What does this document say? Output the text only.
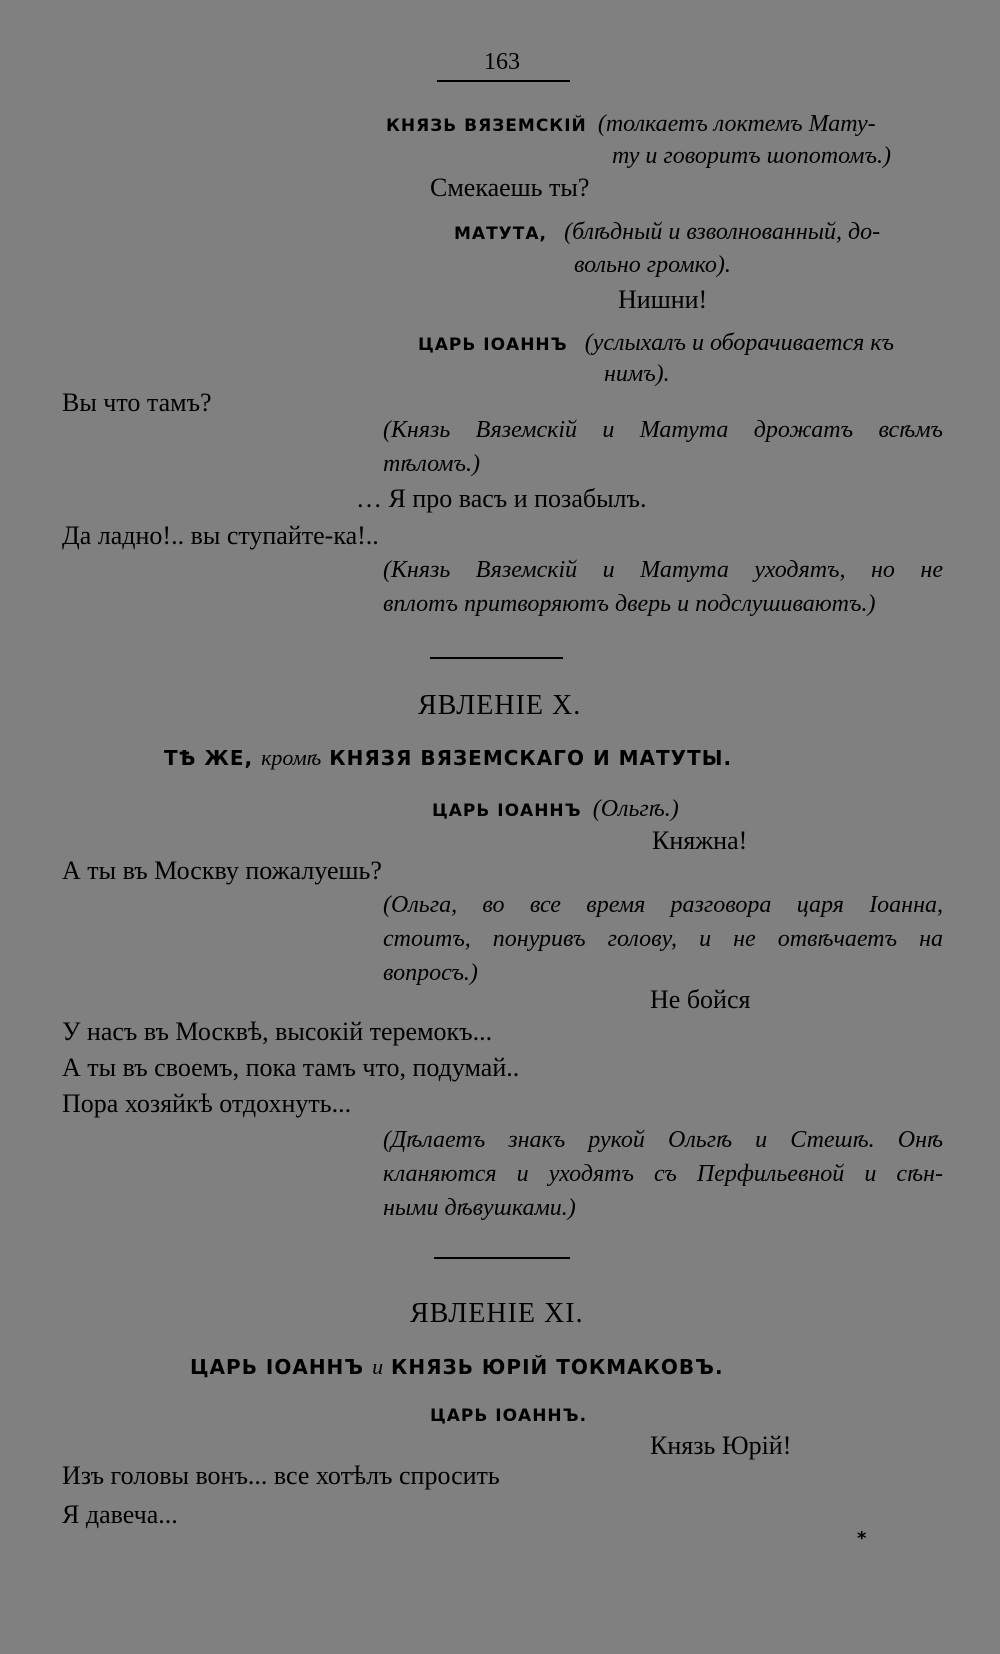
163
КНЯЗЬ ВЯЗЕМСКІЙ (толкаетъ локтемъ Мату-
ту и говоритъ шопотомъ.)
Смекаешь ты?
МАТУТА, (блѣдный и взволнованный, до-
вольно громко).
Нишни!
ЦАРЬ ІОАННЪ (услыхалъ и оборачивается къ
нимъ).
Вы что тамъ?
(Князь Вяземскій и Матута дрожатъ всѣмъ
тѣломъ.)
… Я про васъ и позабылъ.
Да ладно!.. вы ступайте-ка!..
(Князь Вяземскій и Матута уходятъ, но не
вплотъ притворяютъ дверь и подслушиваютъ.)
ЯВЛЕНІЕ X.
ТѢ ЖЕ, кромѣ КНЯЗЯ ВЯЗЕМСКАГО И МАТУТЫ.
ЦАРЬ ІОАННЪ (Ольгѣ.)
Княжна!
А ты въ Москву пожалуешь?
(Ольга, во все время разговора царя Іоанна,
стоитъ, понуривъ голову, и не отвѣчаетъ на
вопросъ.)
Не бойся
У насъ въ Москвѣ, высокій теремокъ...
А ты въ своемъ, пока тамъ что, подумай..
Пора хозяйкѣ отдохнуть...
(Дѣлаетъ знакъ рукой Ольгѣ и Стешѣ. Онѣ
кланяются и уходятъ съ Перфильевной и сѣн-
ными дѣвушками.)
ЯВЛЕНІЕ XI.
ЦАРЬ ІОАННЪ и КНЯЗЬ ЮРІЙ ТОКМАКОВЪ.
ЦАРЬ ІОАННЪ.
Князь Юрій!
Изъ головы вонъ... все хотѣлъ спросить
Я давеча...
*
